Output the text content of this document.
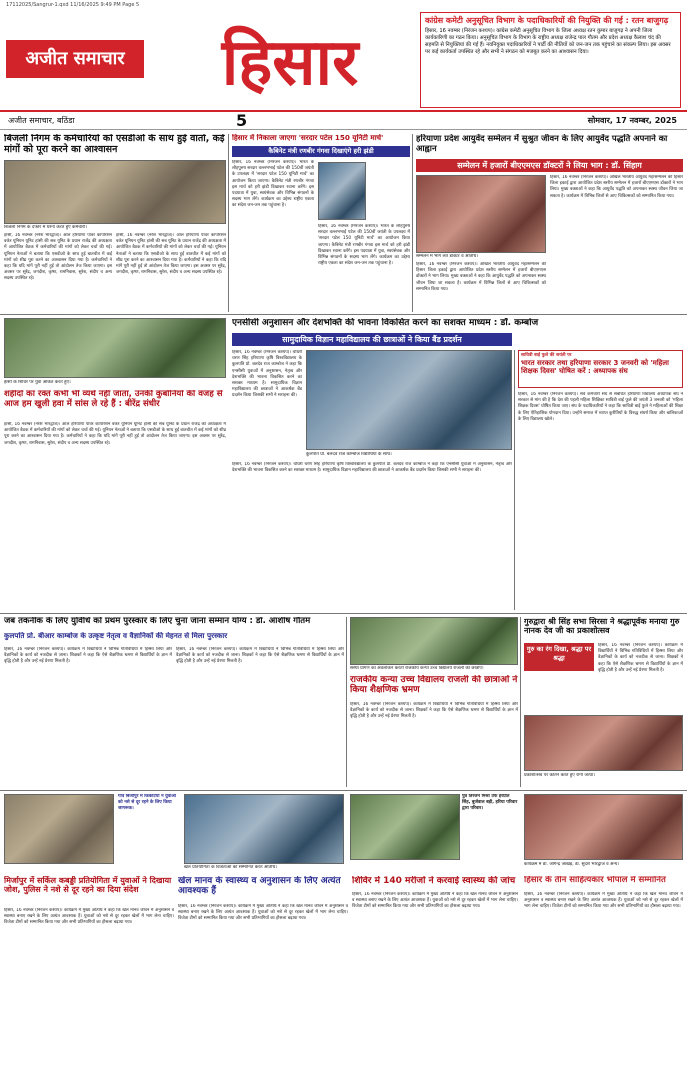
17112025/Sangrur-1.qxd 11/16/2025 9:49 PM Page 5
अजीत समाचार	हिसार
कांग्रेस कमेटी अनुसूचित विभाग के पदाधिकारियों की नियुक्ति की गई : रतन बाजुगढ़
हिसार, 16 नवम्बर (निरंजन कश्यप)। कांग्रेस कमेटी अनुसूचित विभाग के जिला अध्यक्ष रतन कुमार बाजुगढ़ ने अपनी जिला कार्यकारिणी का गठन किया। अनुसूचित विभाग के विभाग के राष्ट्रीय अध्यक्ष राजेन्द्र पाल गौतम और प्रदेश अध्यक्ष कैलाश चंद की सहमति से नियुक्तियां की गई हैं। नवनियुक्त पदाधिकारियों ने पार्टी की नीतियों को जन-जन तक पहुंचाने का संकल्प लिया। इस अवसर पर कई कार्यकर्ता उपस्थित रहे और सभी ने संगठन को मजबूत करने का आश्वासन दिया।
अजीत समाचार, बठिंडा	5	सोमवार, 17 नवम्बर, 2025
बिजली निगम के कर्मचारियों को एसडीओ के साथ हुई वार्ता, कई मांगों को पूरा करने का आश्वासन
बिजली निगम के दफ्तर में धरना करते हुए कर्मचारी।
हांसी, 16 नवम्बर (नरेश भारद्वाज)। ऑल हरियाणा पॉवर कार्पोरेशन वर्कर यूनियन यूनिट हांसी की सब यूनिट के प्रधान राजेंद्र की अध्यक्षता में आयोजित बैठक में कर्मचारियों की मांगों को लेकर चर्चा की गई। यूनियन नेताओं ने बताया कि एसडीओ के साथ हुई बातचीत में कई मांगों को शीघ्र पूरा करने का आश्वासन दिया गया है। कर्मचारियों ने कहा कि यदि मांगें पूरी नहीं हुई तो आंदोलन तेज किया जाएगा। इस अवसर पर सुरेंद्र, जगदीश, कृष्ण, रामनिवास, सुरेश, संदीप व अन्य सदस्य उपस्थित रहे।
हांसी, 16 नवम्बर (नरेश भारद्वाज)। ऑल हरियाणा पॉवर कार्पोरेशन वर्कर यूनियन यूनिट हांसी की सब यूनिट के प्रधान राजेंद्र की अध्यक्षता में आयोजित बैठक में कर्मचारियों की मांगों को लेकर चर्चा की गई। यूनियन नेताओं ने बताया कि एसडीओ के साथ हुई बातचीत में कई मांगों को शीघ्र पूरा करने का आश्वासन दिया गया है। कर्मचारियों ने कहा कि यदि मांगें पूरी नहीं हुई तो आंदोलन तेज किया जाएगा। इस अवसर पर सुरेंद्र, जगदीश, कृष्ण, रामनिवास, सुरेश, संदीप व अन्य सदस्य उपस्थित रहे।
हांसी के शिविर पर युवा अंकित करते हुए।
हिसार में निकाला जाएगा 'सरदार पटेल 150 यूनिटी मार्च'
कैबिनेट मंत्री रणबीर गंगवा दिखाएंगे हरी झंडी
हिसार, 16 नवम्बर (निरंजन कश्यप)। भारत के लौहपुरुष सरदार वल्लभभाई पटेल की 150वीं जयंती के उपलक्ष्य में 'सरदार पटेल 150 यूनिटी मार्च' का आयोजन किया जाएगा। कैबिनेट मंत्री रणबीर गंगवा इस मार्च को हरी झंडी दिखाकर रवाना करेंगे। इस पदयात्रा में युवा, स्वयंसेवक और विभिन्न संगठनों के सदस्य भाग लेंगे। कार्यक्रम का उद्देश्य राष्ट्रीय एकता का संदेश जन-जन तक पहुंचाना है।
हिसार, 16 नवम्बर (निरंजन कश्यप)। भारत के लौहपुरुष सरदार वल्लभभाई पटेल की 150वीं जयंती के उपलक्ष्य में 'सरदार पटेल 150 यूनिटी मार्च' का आयोजन किया जाएगा। कैबिनेट मंत्री रणबीर गंगवा इस मार्च को हरी झंडी दिखाकर रवाना करेंगे। इस पदयात्रा में युवा, स्वयंसेवक और विभिन्न संगठनों के सदस्य भाग लेंगे। कार्यक्रम का उद्देश्य राष्ट्रीय एकता का संदेश जन-जन तक पहुंचाना है।
हरियाणा प्रदेश आयुर्वेद सम्मेलन में सुश्रुत जीवन के लिए आयुर्वेद पद्धति अपनाने का आह्वान
सम्मेलन में हजारों बीएएमएस डॉक्टरों ने लिया भाग : डॉ. सिंहाग
सम्मेलन में भाग लेते डॉक्टर व अतिथि।
हिसार, 16 नवम्बर (निरंजन कश्यप)। अखिल भारतीय आयुर्वेद महासम्मेलन की हिसार जिला इकाई द्वारा आयोजित प्रदेश स्तरीय सम्मेलन में हजारों बीएएमएस डॉक्टरों ने भाग लिया। मुख्य वक्ताओं ने कहा कि आयुर्वेद पद्धति को अपनाकर स्वस्थ जीवन जिया जा सकता है। कार्यक्रम में विभिन्न जिलों से आए चिकित्सकों को सम्मानित किया गया।
हिसार, 16 नवम्बर (निरंजन कश्यप)। अखिल भारतीय आयुर्वेद महासम्मेलन की हिसार जिला इकाई द्वारा आयोजित प्रदेश स्तरीय सम्मेलन में हजारों बीएएमएस डॉक्टरों ने भाग लिया। मुख्य वक्ताओं ने कहा कि आयुर्वेद पद्धति को अपनाकर स्वस्थ जीवन जिया जा सकता है। कार्यक्रम में विभिन्न जिलों से आए चिकित्सकों को सम्मानित किया गया।
एनसीसी अनुशासन और देशभक्ति की भावना विकसित करने का सशक्त माध्यम : डॉ. कम्बोज
सामुदायिक विज्ञान महाविद्यालय की छात्राओं ने किया बैंड प्रदर्शन
हिसार, 16 नवम्बर (निरंजन कश्यप)। चौधरी चरण सिंह हरियाणा कृषि विश्वविद्यालय के कुलपति प्रो. बलदेव राज काम्बोज ने कहा कि एनसीसी युवाओं में अनुशासन, नेतृत्व और देशभक्ति की भावना विकसित करने का सशक्त माध्यम है। सामुदायिक विज्ञान महाविद्यालय की छात्राओं ने आकर्षक बैंड प्रदर्शन किया जिसकी सभी ने सराहना की।
कुलपति प्रो. बलदेव राज काम्बोज विद्यार्थियों के साथ।
हिसार, 16 नवम्बर (निरंजन कश्यप)। चौधरी चरण सिंह हरियाणा कृषि विश्वविद्यालय के कुलपति प्रो. बलदेव राज काम्बोज ने कहा कि एनसीसी युवाओं में अनुशासन, नेतृत्व और देशभक्ति की भावना विकसित करने का सशक्त माध्यम है। सामुदायिक विज्ञान महाविद्यालय की छात्राओं ने आकर्षक बैंड प्रदर्शन किया जिसकी सभी ने सराहना की।
शहीदों का रक्त कभी भी व्यर्थ नहीं जाता, उनकी कुर्बानियों की वजह से आज हम खुली हवा में सांस ले रहे हैं : बीरेंद्र संधीर
हांसी, 16 नवम्बर (नरेश भारद्वाज)। ऑल हरियाणा पॉवर कार्पोरेशन वर्कर यूनियन यूनिट हांसी की सब यूनिट के प्रधान राजेंद्र की अध्यक्षता में आयोजित बैठक में कर्मचारियों की मांगों को लेकर चर्चा की गई। यूनियन नेताओं ने बताया कि एसडीओ के साथ हुई बातचीत में कई मांगों को शीघ्र पूरा करने का आश्वासन दिया गया है। कर्मचारियों ने कहा कि यदि मांगें पूरी नहीं हुई तो आंदोलन तेज किया जाएगा। इस अवसर पर सुरेंद्र, जगदीश, कृष्ण, रामनिवास, सुरेश, संदीप व अन्य सदस्य उपस्थित रहे।
सावित्री बाई फुले की जयंती पर
भारत सरकार तथा हरियाणा सरकार 3 जनवरी को 'महिला शिक्षक दिवस' घोषित करें : अध्यापक संघ
हिसार, 16 नवम्बर (निरंजन कश्यप)। सर्व कर्मचारी संघ से संबंधित हरियाणा विद्यालय अध्यापक संघ ने सरकार से मांग की है कि देश की पहली महिला शिक्षिका सावित्री बाई फुले की जयंती 3 जनवरी को 'महिला शिक्षक दिवस' घोषित किया जाए। संघ के पदाधिकारियों ने कहा कि सावित्री बाई फुले ने महिलाओं की शिक्षा के लिए ऐतिहासिक योगदान दिया। उन्होंने समाज में व्याप्त कुरीतियों के विरुद्ध संघर्ष किया और बालिकाओं के लिए विद्यालय खोले।
जब तकनीक के लिए युविधि को प्रथम पुरस्कार के लिए चुना जाना सम्मान योग्य : डॉ. आशीष गौतम
कुलपति प्रो. बीआर काम्बोज के उत्कृष्ट नेतृत्व व वैज्ञानिकों की मेहनत से मिला पुरस्कार
हिसार, 16 नवम्बर (निरंजन कश्यप)। कार्यक्रम में विद्यार्थियों ने विभिन्न गतिविधियों में हिस्सा लिया और वैज्ञानिकों के कार्य को नजदीक से जाना। शिक्षकों ने कहा कि ऐसे शैक्षणिक भ्रमण से विद्यार्थियों के ज्ञान में वृद्धि होती है और उन्हें नई प्रेरणा मिलती है।
हिसार, 16 नवम्बर (निरंजन कश्यप)। कार्यक्रम में विद्यार्थियों ने विभिन्न गतिविधियों में हिस्सा लिया और वैज्ञानिकों के कार्य को नजदीक से जाना। शिक्षकों ने कहा कि ऐसे शैक्षणिक भ्रमण से विद्यार्थियों के ज्ञान में वृद्धि होती है और उन्हें नई प्रेरणा मिलती है।
संस्था प्रांगण का अवलोकन करती राजकीय कन्या उच्च विद्यालय राजली की छात्राएं।
राजकीय कन्या उच्च विद्यालय राजली की छात्राओं ने किया शैक्षणिक भ्रमण
हिसार, 16 नवम्बर (निरंजन कश्यप)। कार्यक्रम में विद्यार्थियों ने विभिन्न गतिविधियों में हिस्सा लिया और वैज्ञानिकों के कार्य को नजदीक से जाना। शिक्षकों ने कहा कि ऐसे शैक्षणिक भ्रमण से विद्यार्थियों के ज्ञान में वृद्धि होती है और उन्हें नई प्रेरणा मिलती है।
गुरुद्वारा श्री सिंह सभा सिरसा ने श्रद्धापूर्वक मनाया गुरु नानक देव जी का प्रकाशोत्सव
गुरु का रंग दिखा, श्रद्धा पर श्रद्धा
हिसार, 16 नवम्बर (निरंजन कश्यप)। कार्यक्रम में विद्यार्थियों ने विभिन्न गतिविधियों में हिस्सा लिया और वैज्ञानिकों के कार्य को नजदीक से जाना। शिक्षकों ने कहा कि ऐसे शैक्षणिक भ्रमण से विद्यार्थियों के ज्ञान में वृद्धि होती है और उन्हें नई प्रेरणा मिलती है।
प्रकाशोत्सव पर कीर्तन करते हुए रागी जत्था।
गांव बिर्जापुर में किर्केटियों ने युवाओं को नशे से दूर रहने के लिए किया जागरूक।
खेल प्रतियोगिता के विजेताओं को सम्मानित करते अतिथि।
पुत्र तिरंजन मिश्रा उर्फ हरप्रीत सिंह, बुर्जवाल बड़ी, हरिया परिवार द्वारा परिवार।
कार्यक्रम में डॉ. जोगेन्द्र जाखड़, डॉ. सुदेश भारद्वाज व अन्य।
मिर्जापुर में सर्किल कबड्डी प्रतियोगिता में युवाओं ने दिखाया जोश, पुलिस ने नशे से दूर रहने का दिया संदेश
हिसार, 16 नवम्बर (निरंजन कश्यप)। कार्यक्रम में मुख्य अतिथि ने कहा कि खेल मानव जीवन में अनुशासन व स्वास्थ्य बनाए रखने के लिए अत्यंत आवश्यक हैं। युवाओं को नशे से दूर रहकर खेलों में भाग लेना चाहिए। विजेता टीमों को सम्मानित किया गया और सभी प्रतिभागियों का हौसला बढ़ाया गया।
खेल मानव के स्वास्थ्य व अनुशासन के लिए अत्यंत आवश्यक हैं
हिसार, 16 नवम्बर (निरंजन कश्यप)। कार्यक्रम में मुख्य अतिथि ने कहा कि खेल मानव जीवन में अनुशासन व स्वास्थ्य बनाए रखने के लिए अत्यंत आवश्यक हैं। युवाओं को नशे से दूर रहकर खेलों में भाग लेना चाहिए। विजेता टीमों को सम्मानित किया गया और सभी प्रतिभागियों का हौसला बढ़ाया गया।
शिविर में 140 मरीजों ने करवाई स्वास्थ्य की जांच
हिसार, 16 नवम्बर (निरंजन कश्यप)। कार्यक्रम में मुख्य अतिथि ने कहा कि खेल मानव जीवन में अनुशासन व स्वास्थ्य बनाए रखने के लिए अत्यंत आवश्यक हैं। युवाओं को नशे से दूर रहकर खेलों में भाग लेना चाहिए। विजेता टीमों को सम्मानित किया गया और सभी प्रतिभागियों का हौसला बढ़ाया गया।
हिसार के तीन साहित्यकार भोपाल में सम्मानित
हिसार, 16 नवम्बर (निरंजन कश्यप)। कार्यक्रम में मुख्य अतिथि ने कहा कि खेल मानव जीवन में अनुशासन व स्वास्थ्य बनाए रखने के लिए अत्यंत आवश्यक हैं। युवाओं को नशे से दूर रहकर खेलों में भाग लेना चाहिए। विजेता टीमों को सम्मानित किया गया और सभी प्रतिभागियों का हौसला बढ़ाया गया।
